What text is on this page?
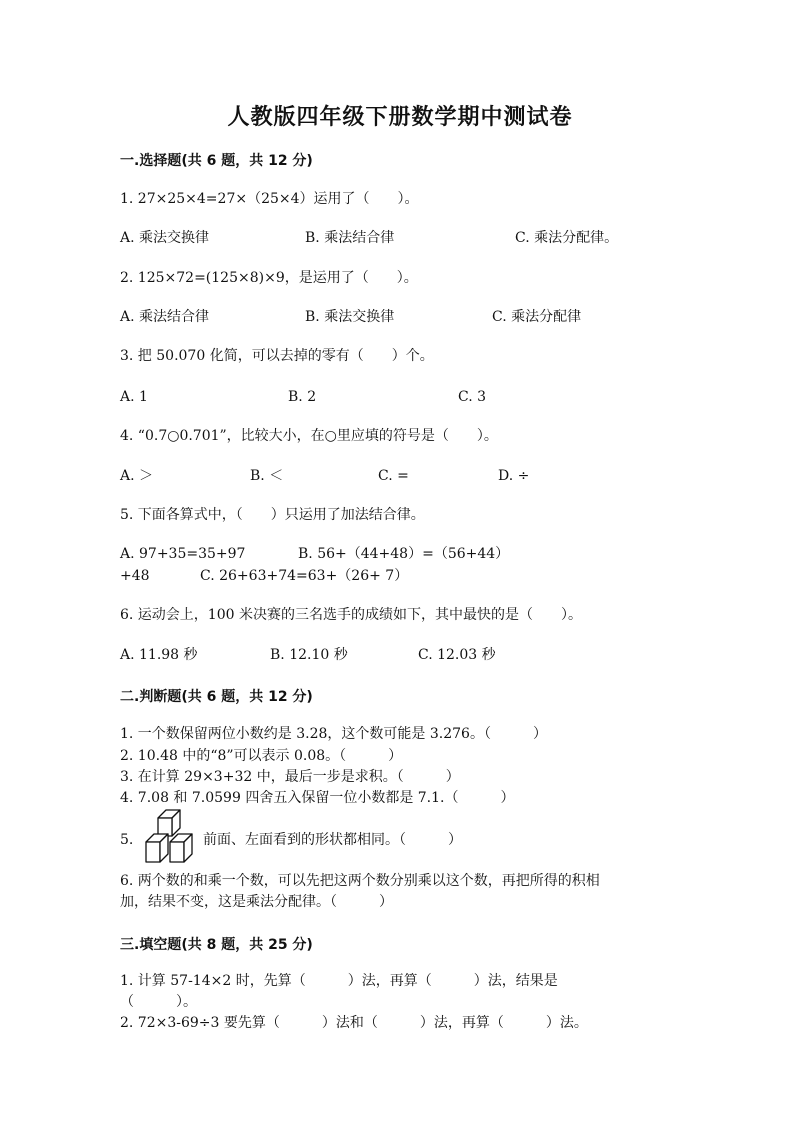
人教版四年级下册数学期中测试卷
一.选择题(共 6 题，共 12 分)
1. 27×25×4=27×（25×4）运用了（　　）。
A. 乘法交换律	B. 乘法结合律	C. 乘法分配律。
2. 125×72=(125×8)×9，是运用了（　　）。
A. 乘法结合律	B. 乘法交换律	C. 乘法分配律
3. 把 50.070 化简，可以去掉的零有（　　）个。
A. 1	B. 2	C. 3
4. “0.7○0.701”，比较大小，在○里应填的符号是（　　）。
A. ＞	B. ＜	C. =	D. ÷
5. 下面各算式中，（　　）只运用了加法结合律。
A. 97+35=35+97	B. 56+（44+48）=（56+44）
+48	C. 26+63+74=63+（26+ 7）
6. 运动会上，100 米决赛的三名选手的成绩如下，其中最快的是（　　）。
A. 11.98 秒	B. 12.10 秒	C. 12.03 秒
二.判断题(共 6 题，共 12 分)
1. 一个数保留两位小数约是 3.28，这个数可能是 3.276。（　　　）
2. 10.48 中的“8”可以表示 0.08。（　　　）
3. 在计算 29×3+32 中，最后一步是求积。（　　　）
4. 7.08 和 7.0599 四舍五入保留一位小数都是 7.1.（　　　）
5.	前面、左面看到的形状都相同。（　　　）
6. 两个数的和乘一个数，可以先把这两个数分别乘以这个数，再把所得的积相
加，结果不变，这是乘法分配律。（　　　）
三.填空题(共 8 题，共 25 分)
1. 计算 57-14×2 时，先算（　　　）法，再算（　　　）法，结果是
（　　　）。
2. 72×3-69÷3 要先算（　　　）法和（　　　）法，再算（　　　）法。
